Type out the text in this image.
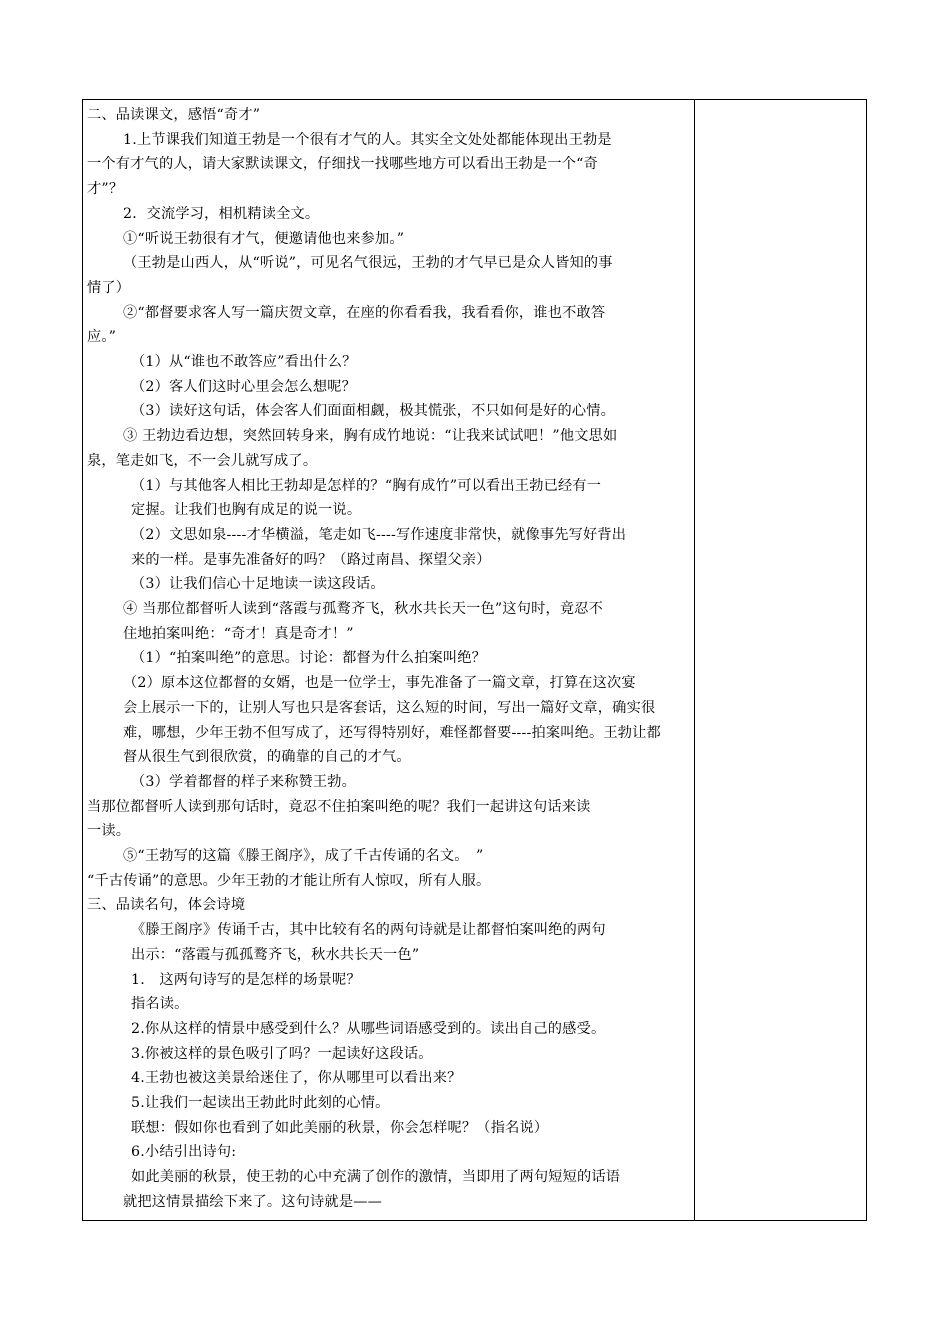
二、品读课文，感悟“奇才”
1.上节课我们知道王勃是一个很有才气的人。其实全文处处都能体现出王勃是
一个有才气的人，请大家默读课文，仔细找一找哪些地方可以看出王勃是一个“奇
才”？
2．交流学习，相机精读全文。
①“听说王勃很有才气，便邀请他也来参加。”
（王勃是山西人，从“听说”，可见名气很远，王勃的才气早已是众人皆知的事
情了）
②“都督要求客人写一篇庆贺文章，在座的你看看我，我看看你，谁也不敢答
应。”
（1）从“谁也不敢答应”看出什么？
（2）客人们这时心里会怎么想呢？
（3）读好这句话，体会客人们面面相觑，极其慌张，不只如何是好的心情。
③ 王勃边看边想，突然回转身来，胸有成竹地说：“让我来试试吧！”他文思如
泉，笔走如飞，不一会儿就写成了。
（1）与其他客人相比王勃却是怎样的？“胸有成竹”可以看出王勃已经有一
定握。让我们也胸有成足的说一说。
（2）文思如泉----才华横溢，笔走如飞----写作速度非常快，就像事先写好背出
来的一样。是事先准备好的吗？（路过南昌、探望父亲）
（3）让我们信心十足地读一读这段话。
④ 当那位都督听人读到“落霞与孤鹜齐飞，秋水共长天一色”这句时，竟忍不
住地拍案叫绝：“奇才！真是奇才！”
（1）“拍案叫绝”的意思。讨论：都督为什么拍案叫绝？
（2）原本这位都督的女婿，也是一位学士，事先准备了一篇文章，打算在这次宴
会上展示一下的，让别人写也只是客套话，这么短的时间，写出一篇好文章，确实很
难，哪想，少年王勃不但写成了，还写得特别好，难怪都督要----拍案叫绝。王勃让都
督从很生气到很欣赏，的确靠的自己的才气。
（3）学着都督的样子来称赞王勃。
当那位都督听人读到那句话时，竟忍不住拍案叫绝的呢？我们一起讲这句话来读
一读。
⑤“王勃写的这篇《滕王阁序》，成了千古传诵的名文。　”
“千古传诵”的意思。少年王勃的才能让所有人惊叹，所有人服。
三、品读名句，体会诗境
《滕王阁序》传诵千古，其中比较有名的两句诗就是让都督怕案叫绝的两句
出示：“落霞与孤孤鹜齐飞，秋水共长天一色”
1.　这两句诗写的是怎样的场景呢？
指名读。
2.你从这样的情景中感受到什么？从哪些词语感受到的。读出自己的感受。
3.你被这样的景色吸引了吗？一起读好这段话。
4.王勃也被这美景给迷住了，你从哪里可以看出来？
5.让我们一起读出王勃此时此刻的心情。
联想：假如你也看到了如此美丽的秋景，你会怎样呢？（指名说）
6.小结引出诗句:
如此美丽的秋景，使王勃的心中充满了创作的激情，当即用了两句短短的话语
就把这情景描绘下来了。这句诗就是——
